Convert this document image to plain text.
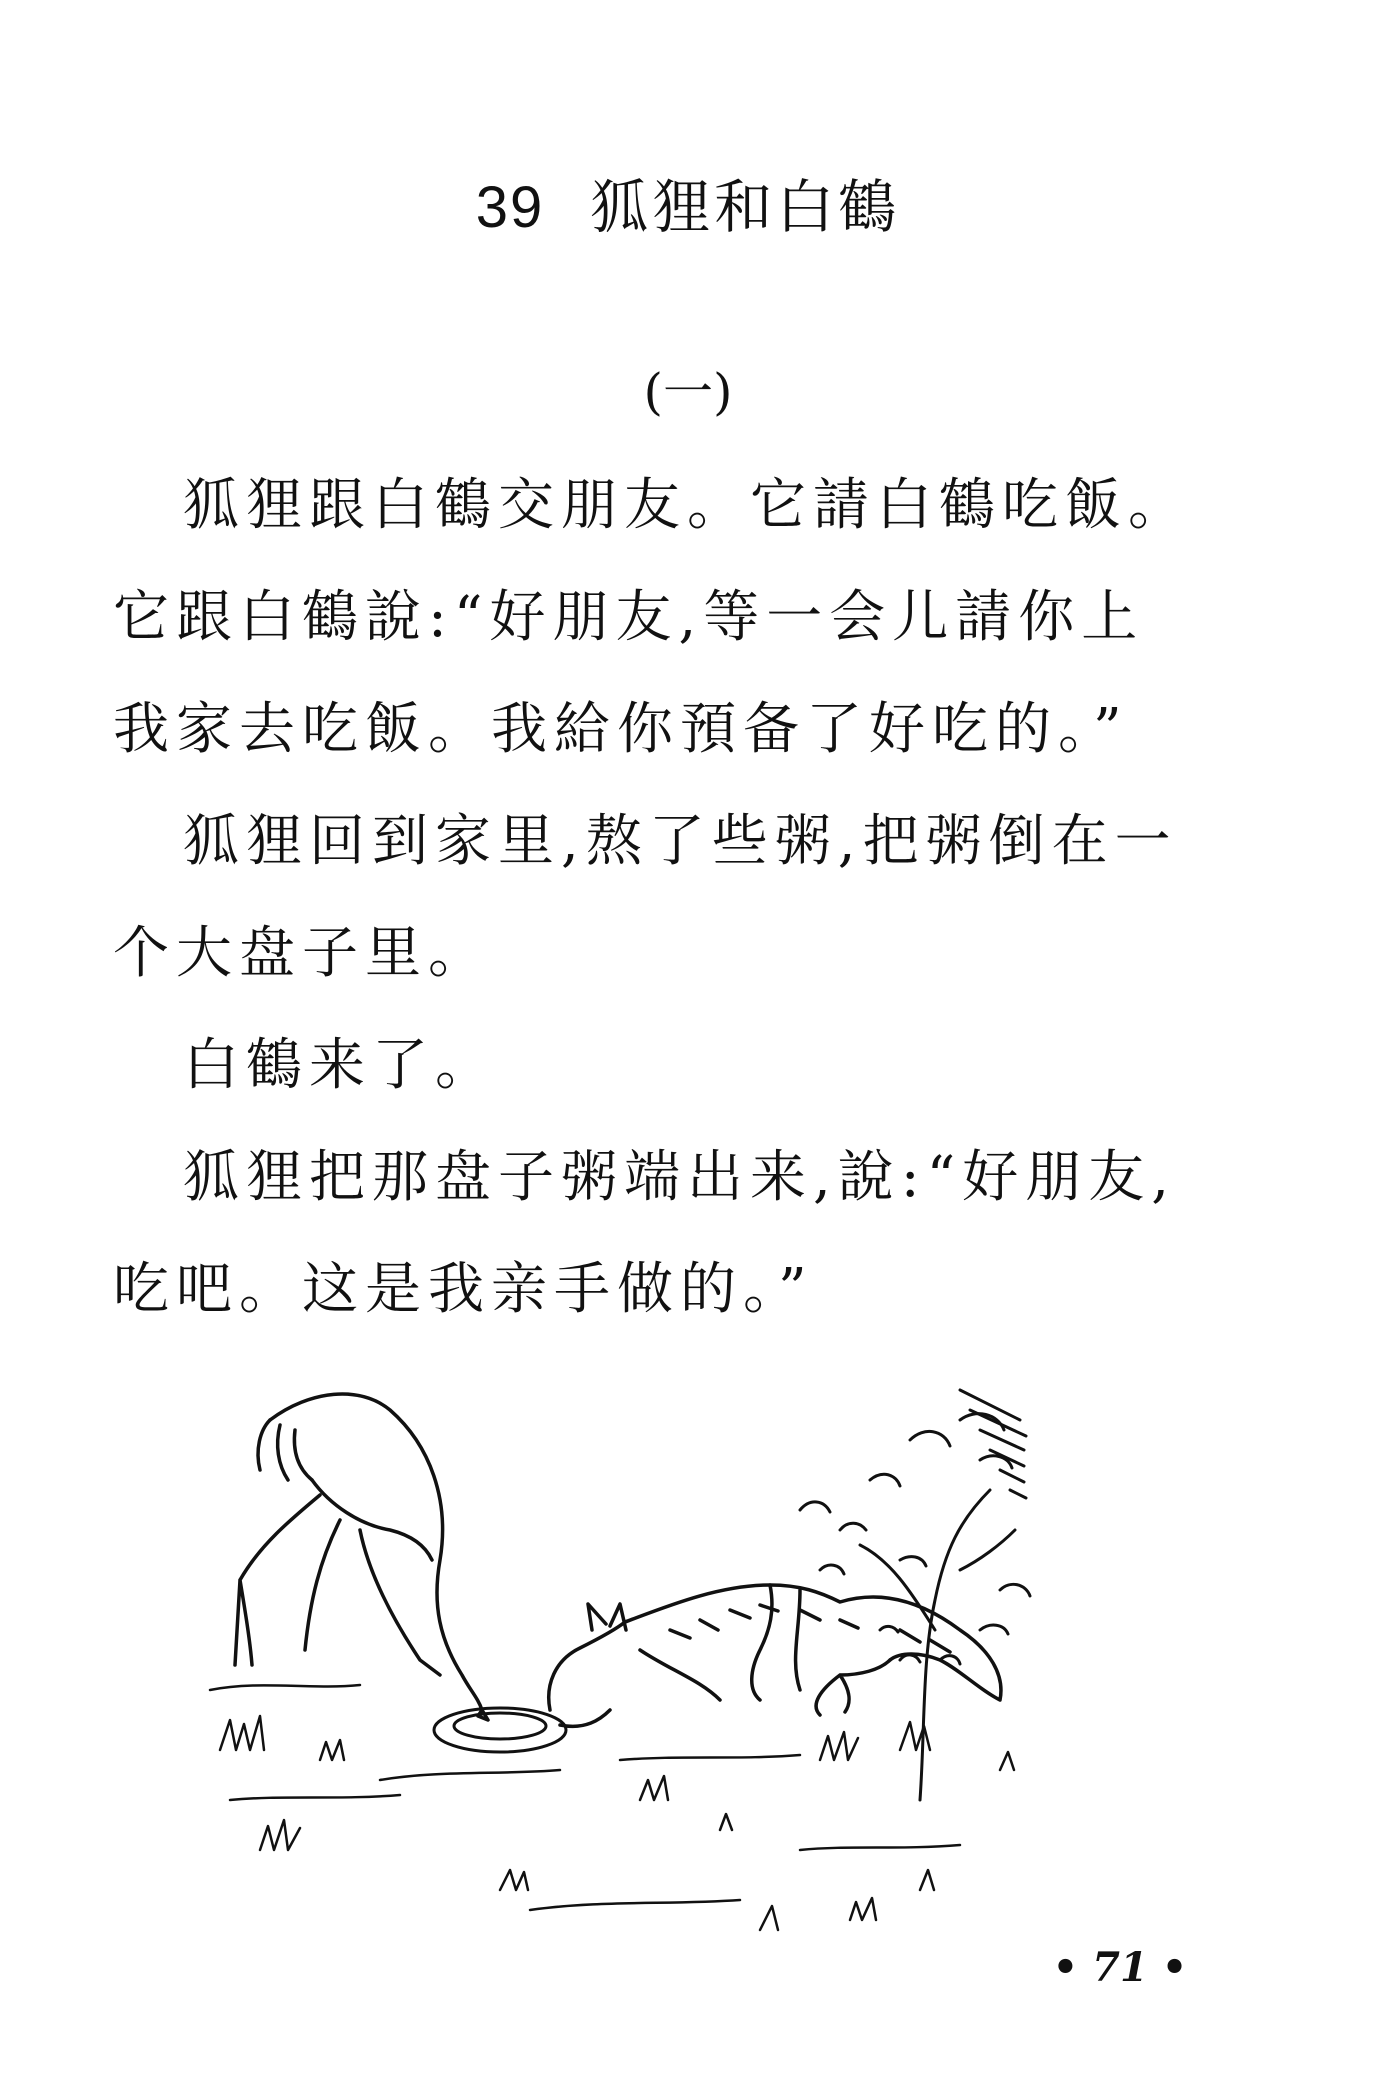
39 狐狸和白鶴
(一)

狐狸跟白鶴交朋友。它請白鶴吃飯。
它跟白鶴說:“好朋友,等一会儿請你上
我家去吃飯。我給你預备了好吃的。”

狐狸回到家里,熬了些粥,把粥倒在一
个大盘子里。

白鶴来了。

狐狸把那盘子粥端出来,說:“好朋友,
吃吧。这是我亲手做的。”

• 71 •
